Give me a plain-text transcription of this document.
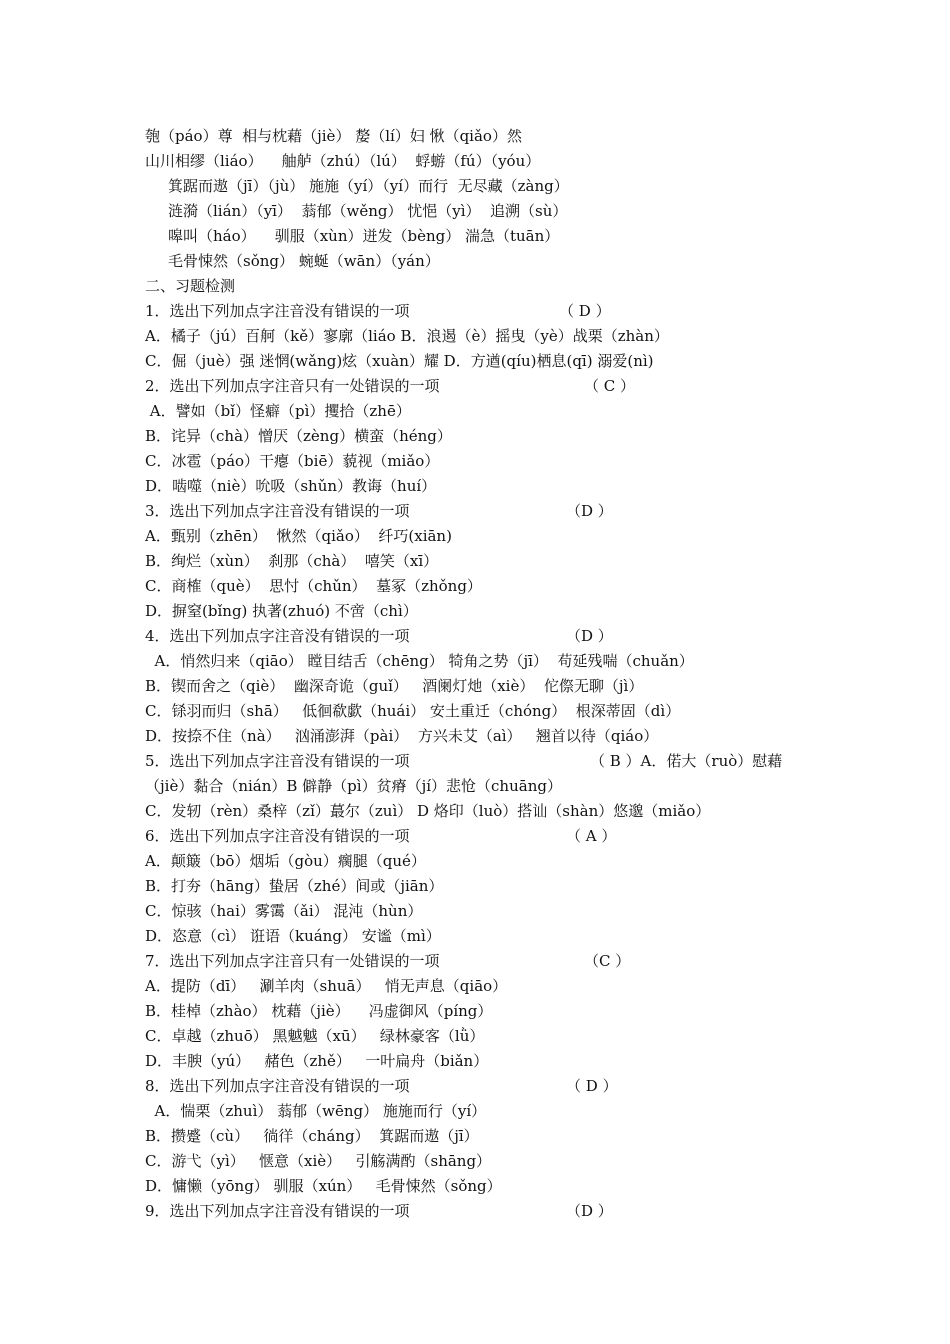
匏（páo）尊  相与枕藉（jiè） 嫠（lí）妇 愀（qiǎo）然
山川相缪（liáo）    舳舻（zhú）（lú）  蜉蝣（fú）（yóu）
箕踞而遨（jī）（jù） 施施（yí）（yí）而行  无尽藏（zàng）
涟漪（lián）（yī）  蓊郁（wěng） 忧悒（yì）  追溯（sù）
嗥叫（háo）    驯服（xùn）迸发（bèng） 湍急（tuān）
毛骨悚然（sǒng） 蜿蜒（wān）（yán）
二、习题检测
1．选出下列加点字注音没有错误的一项	（ D ）
A．橘子（jú）百舸（kě）寥廓（liáo B．浪遏（è）摇曳（yè）战栗（zhàn）
C．倔（juè）强 迷惘(wǎng)炫（xuàn）耀 D．方遒(qíu)栖息(qī) 溺爱(nì)
2．选出下列加点字注音只有一处错误的一项	（ C ）
A．譬如（bǐ）怪癖（pì）攫拾（zhē）
B．诧异（chà）憎厌（zèng）横蛮（héng）
C．冰雹（páo）干瘪（biē）藐视（miǎo）
D．啮噬（niè）吮吸（shǔn）教诲（huí）
3．选出下列加点字注音没有错误的一项	（D ）
A．甄别（zhēn）  愀然（qiǎo）  纤巧(xiān)
B．绚烂（xùn）  刹那（chà）  嘻笑（xī）
C．商榷（què）  思忖（chǔn）  墓冢（zhǒng）
D．摒窒(bǐng) 执著(zhuó) 不啻（chì）
4．选出下列加点字注音没有错误的一项	（D ）
A．悄然归来（qiāo） 瞠目结舌（chēng） 犄角之势（jī）  苟延残喘（chuǎn）
B．锲而舍之（qiè）  幽深奇诡（guǐ）   酒阑灯灺（xiè）  佗傺无聊（jì）
C．铩羽而归（shā）   低徊欷歔（huái） 安土重迁（chóng）  根深蒂固（dì）
D．按捺不住（nà）   汹涌澎湃（pài）  方兴未艾（aì）   翘首以待（qiáo）
5．选出下列加点字注音没有错误的一项	（ B ）A．偌大（ruò）慰藉
（jiè）黏合（nián）B 僻静（pì）贫瘠（jí）悲怆（chuāng）
C．发轫（rèn）桑梓（zǐ）蕞尔（zuì） D 烙印（luò）搭讪（shàn）悠邈（miǎo）
6．选出下列加点字注音没有错误的一项	（ A ）
A．颠簸（bō）烟垢（gòu）瘸腿（qué）
B．打夯（hāng）蛰居（zhé）间或（jiān）
C．惊骇（hai）雾霭（ǎi） 混沌（hùn）
D．恣意（cì） 诳语（kuáng） 安谧（mì）
7．选出下列加点字注音只有一处错误的一项	（C ）
A．提防（dī）   涮羊肉（shuā）   悄无声息（qiāo）
B．桂棹（zhào） 枕藉（jiè）    冯虚御风（píng）
C．卓越（zhuō） 黑魆魆（xū）   绿林豪客（lǜ）
D．丰腴（yú）   赭色（zhě）   一叶扁舟（biǎn）
8．选出下列加点字注音没有错误的一项	（ D ）
A．惴栗（zhuì） 蓊郁（wēng） 施施而行（yí）
B．攒蹙（cù）   徜徉（cháng）  箕踞而遨（jī）
C．游弋（yì）   惬意（xiè）   引觞满酌（shāng）
D．慵懒（yōng） 驯服（xún）   毛骨悚然（sǒng）
9．选出下列加点字注音没有错误的一项	（D ）
